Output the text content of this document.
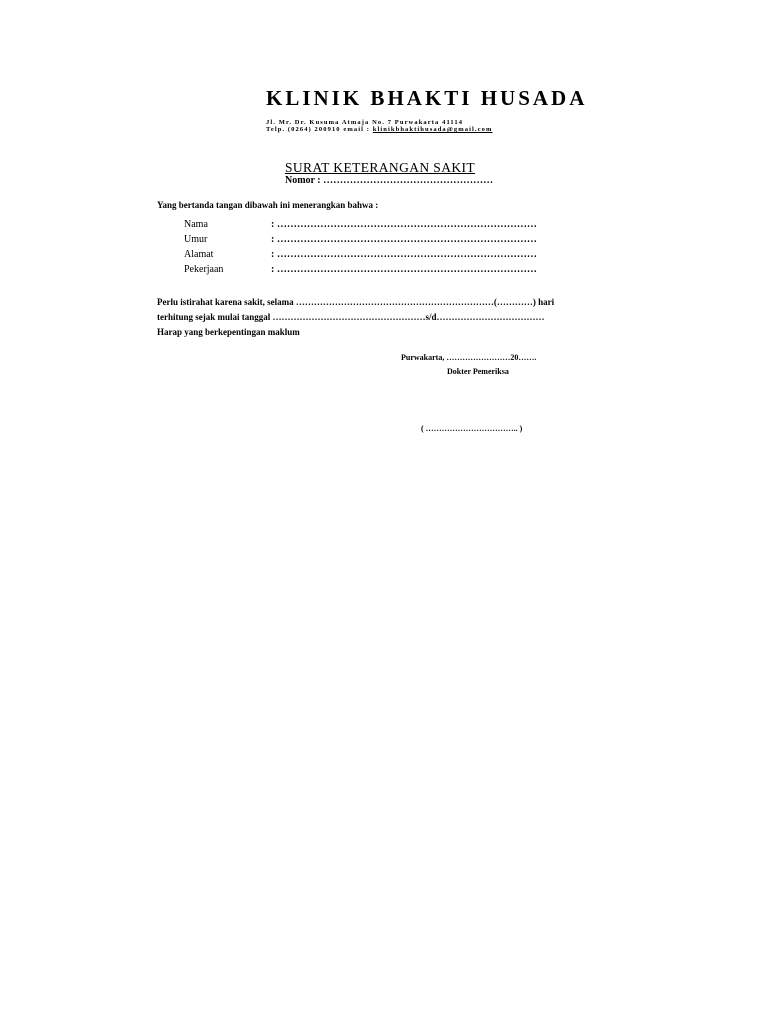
KLINIK BHAKTI HUSADA
Jl. Mr. Dr. Kusuma Atmaja No. 7 Purwakarta 41114
Telp. (0264) 200910 email : klinikbhaktihusada@gmail.com
SURAT KETERANGAN SAKIT
Nomor : ……………………………………………
Yang bertanda tangan dibawah ini menerangkan bahwa :
Nama	: ……………………………………………………………………
Umur	: ……………………………………………………………………
Alamat	: ……………………………………………………………………
Pekerjaan	: ……………………………………………………………………
Perlu istirahat karena sakit, selama …………………………………………………………(…………) hari
terhitung sejak mulai tanggal ……………………………………………s/d………………………………
Harap yang berkepentingan maklum
Purwakarta, ……………………20…….
Dokter Pemeriksa
( …………………………….. )
